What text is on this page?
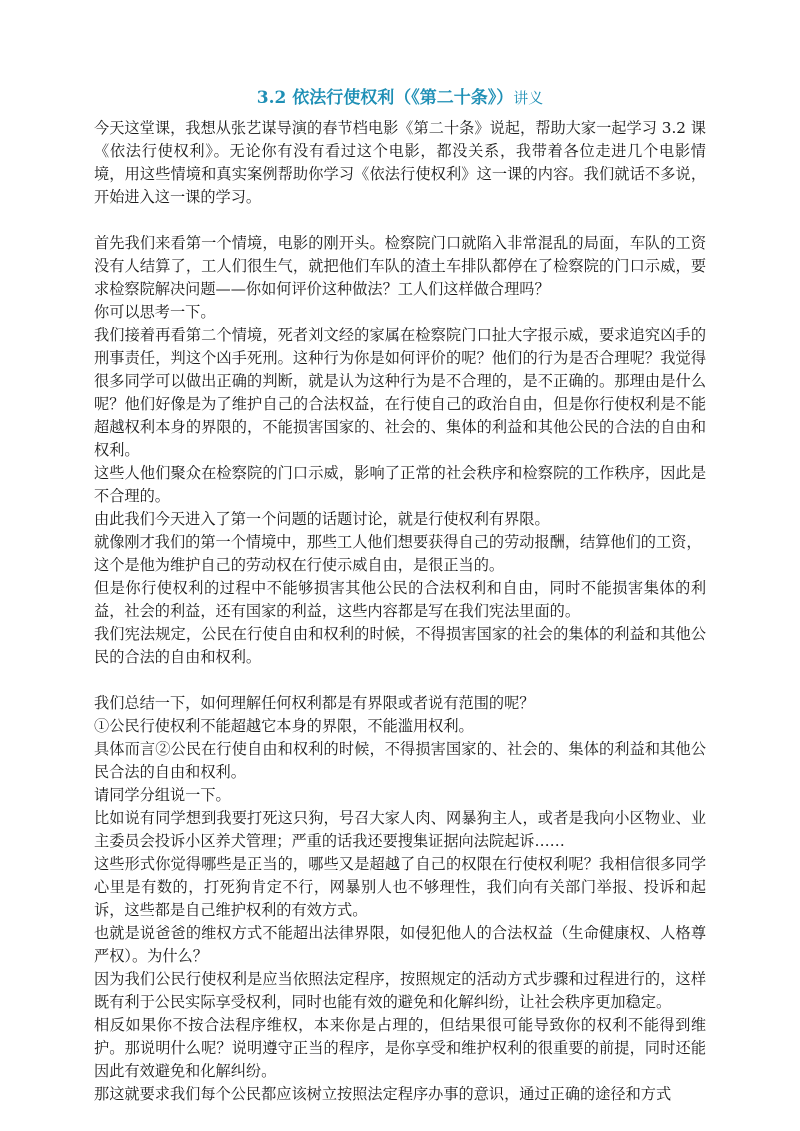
3.2 依法行使权利（《第二十条》）讲义

今天这堂课，我想从张艺谋导演的春节档电影《第二十条》说起，帮助大家一起学习 3.2 课《依法行使权利》。无论你有没有看过这个电影，都没关系，我带着各位走进几个电影情境，用这些情境和真实案例帮助你学习《依法行使权利》这一课的内容。我们就话不多说，开始进入这一课的学习。

首先我们来看第一个情境，电影的刚开头。检察院门口就陷入非常混乱的局面，车队的工资没有人结算了，工人们很生气，就把他们车队的渣土车排队都停在了检察院的门口示威，要求检察院解决问题——你如何评价这种做法？工人们这样做合理吗？

你可以思考一下。

我们接着再看第二个情境，死者刘文经的家属在检察院门口扯大字报示威，要求追究凶手的刑事责任，判这个凶手死刑。这种行为你是如何评价的呢？他们的行为是否合理呢？我觉得很多同学可以做出正确的判断，就是认为这种行为是不合理的，是不正确的。那理由是什么呢？他们好像是为了维护自己的合法权益，在行使自己的政治自由，但是你行使权利是不能超越权利本身的界限的，不能损害国家的、社会的、集体的利益和其他公民的合法的自由和权利。

这些人他们聚众在检察院的门口示威，影响了正常的社会秩序和检察院的工作秩序，因此是不合理的。

由此我们今天进入了第一个问题的话题讨论，就是行使权利有界限。

就像刚才我们的第一个情境中，那些工人他们想要获得自己的劳动报酬，结算他们的工资，

这个是他为维护自己的劳动权在行使示威自由，是很正当的。

但是你行使权利的过程中不能够损害其他公民的合法权利和自由，同时不能损害集体的利益，社会的利益，还有国家的利益，这些内容都是写在我们宪法里面的。

我们宪法规定，公民在行使自由和权利的时候，不得损害国家的社会的集体的利益和其他公民的合法的自由和权利。

我们总结一下，如何理解任何权利都是有界限或者说有范围的呢？

①公民行使权利不能超越它本身的界限，不能滥用权利。

具体而言②公民在行使自由和权利的时候，不得损害国家的、社会的、集体的利益和其他公民合法的自由和权利。

请同学分组说一下。

比如说有同学想到我要打死这只狗，号召大家人肉、网暴狗主人，或者是我向小区物业、业主委员会投诉小区养犬管理；严重的话我还要搜集证据向法院起诉……

这些形式你觉得哪些是正当的，哪些又是超越了自己的权限在行使权利呢？我相信很多同学心里是有数的，打死狗肯定不行，网暴别人也不够理性，我们向有关部门举报、投诉和起诉，这些都是自己维护权利的有效方式。

也就是说爸爸的维权方式不能超出法律界限，如侵犯他人的合法权益（生命健康权、人格尊严权）。为什么？

因为我们公民行使权利是应当依照法定程序，按照规定的活动方式步骤和过程进行的，这样既有利于公民实际享受权利，同时也能有效的避免和化解纠纷，让社会秩序更加稳定。

相反如果你不按合法程序维权，本来你是占理的，但结果很可能导致你的权利不能得到维护。那说明什么呢？说明遵守正当的程序，是你享受和维护权利的很重要的前提，同时还能因此有效避免和化解纠纷。

那这就要求我们每个公民都应该树立按照法定程序办事的意识，通过正确的途径和方式
